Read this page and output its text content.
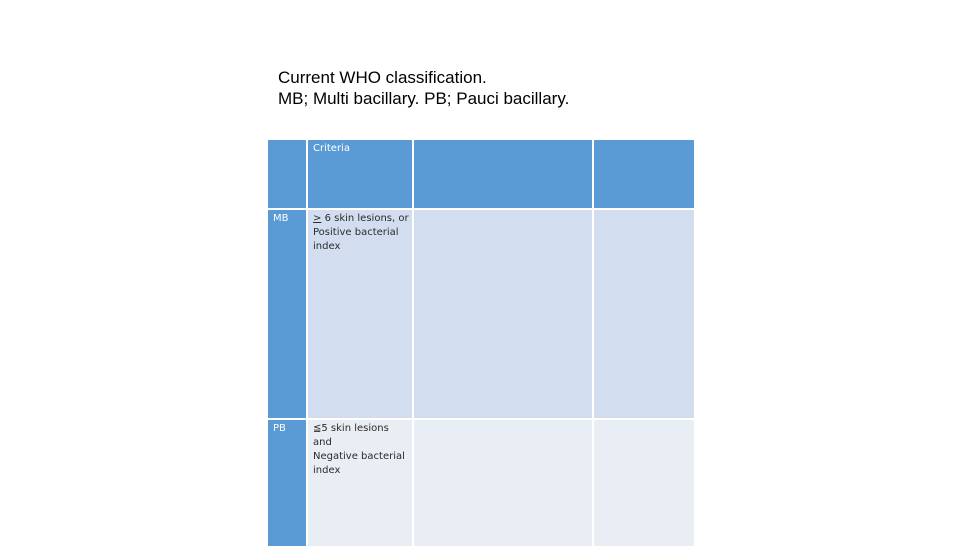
Current WHO classification.
MB; Multi bacillary. PB; Pauci bacillary.
	Criteria		
MB	> 6 skin lesions, or
Positive bacterial
index		

PB	≦5 skin lesions
and
Negative bacterial
index		
